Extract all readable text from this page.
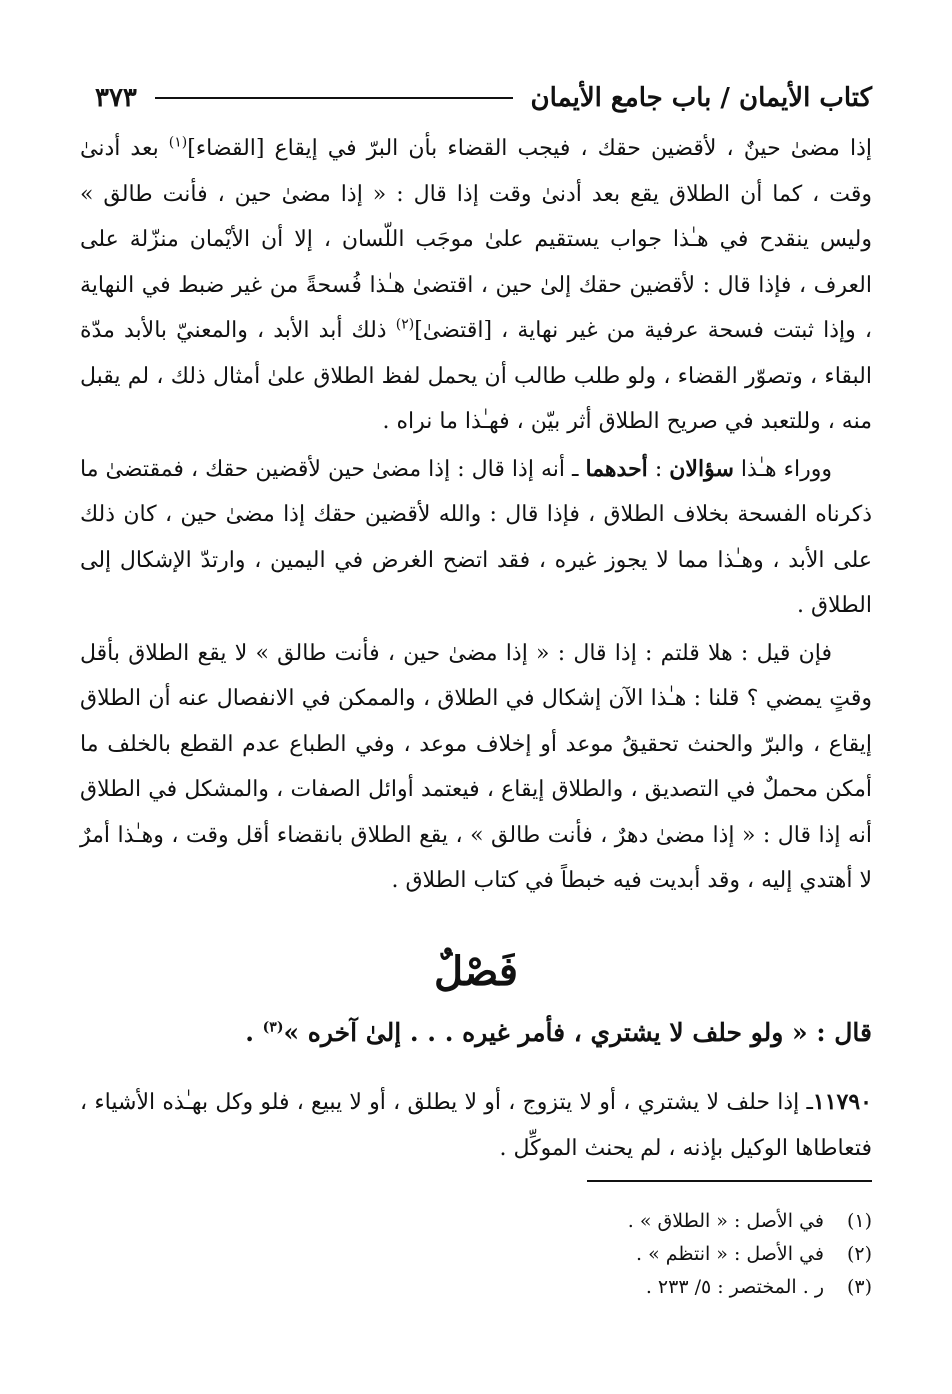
كتاب الأيمان / باب جامع الأيمان
٣٧٣

إذا مضىٰ حينٌ ، لأقضين حقك ، فيجب القضاء بأن البرّ في إيقاع [القضاء]$^{(١)}$ بعد أدنىٰ وقت ، كما أن الطلاق يقع بعد أدنىٰ وقت إذا قال : « إذا مضىٰ حين ، فأنت طالق » وليس ينقدح في هـٰذا جواب يستقيم علىٰ موجَب اللّسان ، إلا أن الأيْمان منزّلة على العرف ، فإذا قال : لأقضين حقك إلىٰ حين ، اقتضىٰ هـٰذا فُسحةً من غير ضبط في النهاية ، وإذا ثبتت فسحة عرفية من غير نهاية ، [اقتضىٰ]$^{(٢)}$ ذلك أبد الأبد ، والمعنيّ بالأبد مدّة البقاء ، وتصوّر القضاء ، ولو طلب طالب أن يحمل لفظ الطلاق علىٰ أمثال ذلك ، لم يقبل منه ، وللتعبد في صريح الطلاق أثر بيّن ، فهـٰذا ما نراه .

ووراء هـٰذا سؤالان : أحدهما ـ أنه إذا قال : إذا مضىٰ حين لأقضين حقك ، فمقتضىٰ ما ذكرناه الفسحة بخلاف الطلاق ، فإذا قال : والله لأقضين حقك إذا مضىٰ حين ، كان ذلك على الأبد ، وهـٰذا مما لا يجوز غيره ، فقد اتضح الغرض في اليمين ، وارتدّ الإشكال إلى الطلاق .

فإن قيل : هلا قلتم : إذا قال : « إذا مضىٰ حين ، فأنت طالق » لا يقع الطلاق بأقل وقتٍ يمضي ؟ قلنا : هـٰذا الآن إشكال في الطلاق ، والممكن في الانفصال عنه أن الطلاق إيقاع ، والبرّ والحنث تحقيقُ موعد أو إخلاف موعد ، وفي الطباع عدم القطع بالخلف ما أمكن محملٌ في التصديق ، والطلاق إيقاع ، فيعتمد أوائل الصفات ، والمشكل في الطلاق أنه إذا قال : « إذا مضىٰ دهرٌ ، فأنت طالق » ، يقع الطلاق بانقضاء أقل وقت ، وهـٰذا أمرٌ لا أهتدي إليه ، وقد أبديت فيه خبطاً في كتاب الطلاق .

فَصْلٌ
قال : « ولو حلف لا يشتري ، فأمر غيره . . . إلىٰ آخره »$^{(٣)}$ .
١١٧٩٠ـ إذا حلف لا يشتري ، أو لا يتزوج ، أو لا يطلق ، أو لا يبيع ، فلو وكل بهـٰذه الأشياء ، فتعاطاها الوكيل بإذنه ، لم يحنث الموكِّل .
(١)
في الأصل : « الطلاق » .
(٢)
في الأصل : « انتظم » .
(٣)
ر . المختصر : ٥/ ٢٣٣ .
